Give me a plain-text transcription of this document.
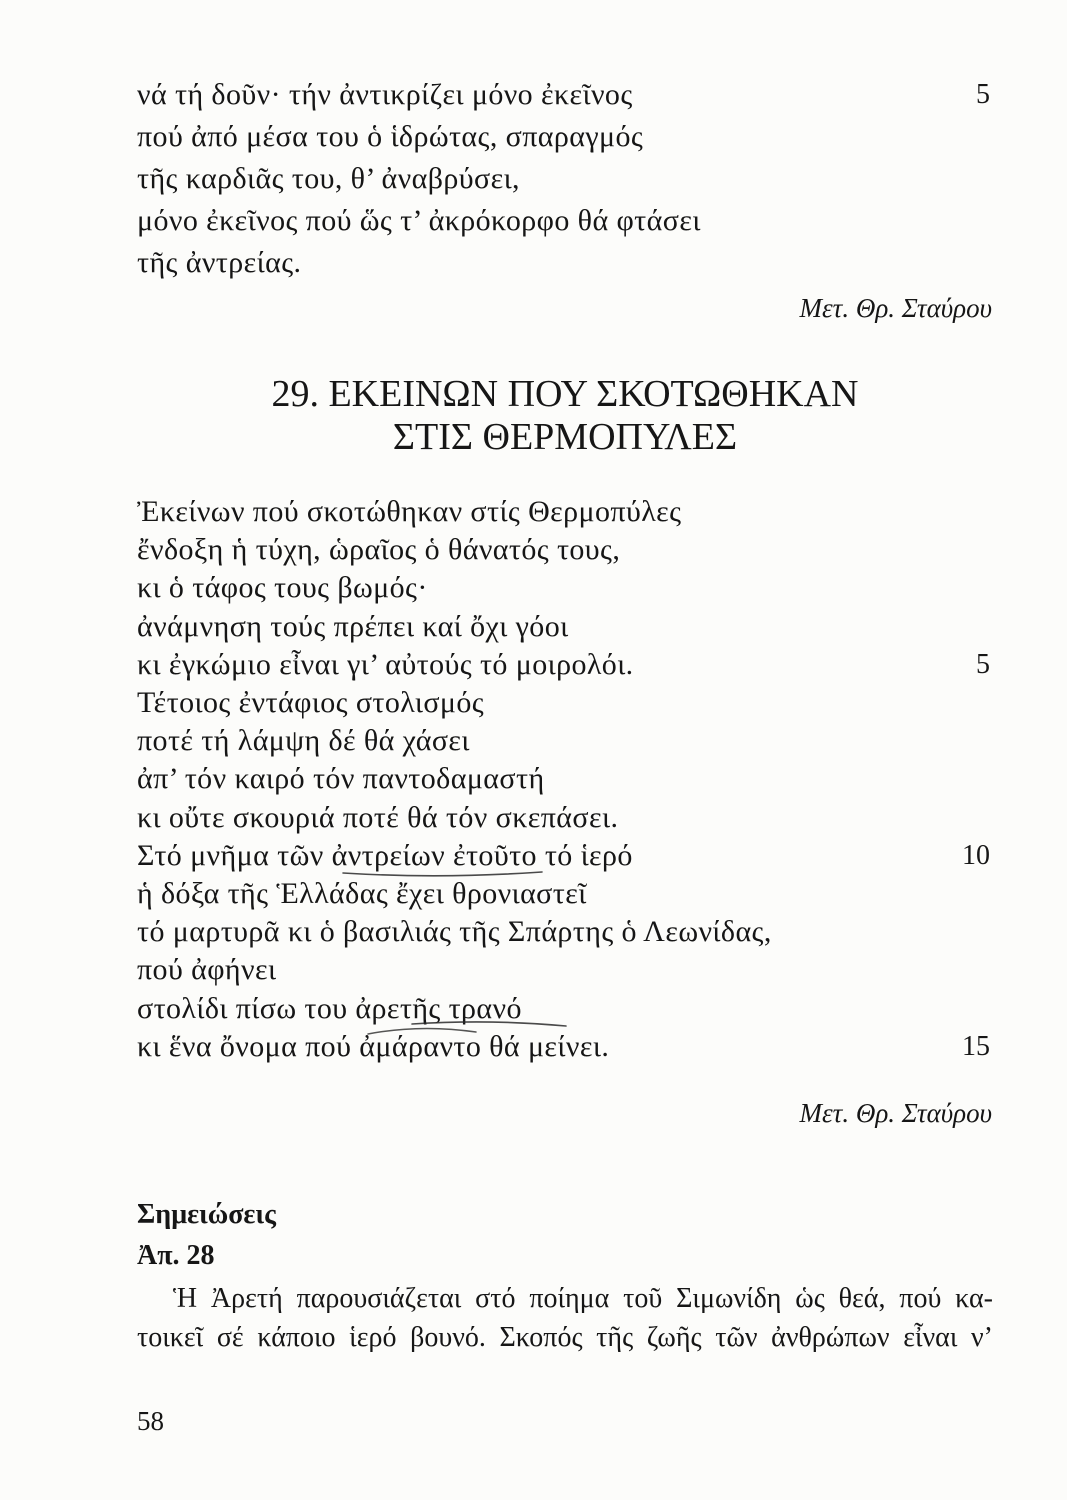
νά τή δοῦν· τήν ἀντικρίζει μόνο ἐκεῖνος	5
πού ἀπό μέσα του ὁ ἱδρώτας, σπαραγμός
τῆς καρδιᾶς του, θ’ ἀναβρύσει,
μόνο ἐκεῖνος πού ὥς τ’ ἀκρόκορφο θά φτάσει
τῆς ἀντρείας.
Μετ. Θρ. Σταύρου
29. ΕΚΕΙΝΩΝ ΠΟΥ ΣΚΟΤΩΘΗΚΑΝ
ΣΤΙΣ ΘΕΡΜΟΠΥΛΕΣ
Ἐκείνων πού σκοτώθηκαν στίς Θερμοπύλες
ἔνδοξη ἡ τύχη, ὡραῖος ὁ θάνατός τους,
κι ὁ τάφος τους βωμός·
ἀνάμνηση τούς πρέπει καί ὄχι γόοι
κι ἐγκώμιο εἶναι γι’ αὐτούς τό μοιρολόι.	5
Τέτοιος ἐντάφιος στολισμός
ποτέ τή λάμψη δέ θά χάσει
ἀπ’ τόν καιρό τόν παντοδαμαστή
κι οὔτε σκουριά ποτέ θά τόν σκεπάσει.
Στό μνῆμα τῶν ἀντρείων ἐτοῦτο τό ἱερό	10
ἡ δόξα τῆς Ἑλλάδας ἔχει θρονιαστεῖ
τό μαρτυρᾶ κι ὁ βασιλιάς τῆς Σπάρτης ὁ Λεωνίδας,
πού ἀφήνει
στολίδι πίσω του ἀρετῆς τρανό
κι ἕνα ὄνομα πού ἀμάραντο θά μείνει.	15
Μετ. Θρ. Σταύρου
Σημειώσεις
Ἀπ. 28
Ἡ Ἀρετή παρουσιάζεται στό ποίημα τοῦ Σιμωνίδη ὡς θεά, πού κα-
τοικεῖ σέ κάποιο ἱερό βουνό. Σκοπός τῆς ζωῆς τῶν ἀνθρώπων εἶναι ν’
58
